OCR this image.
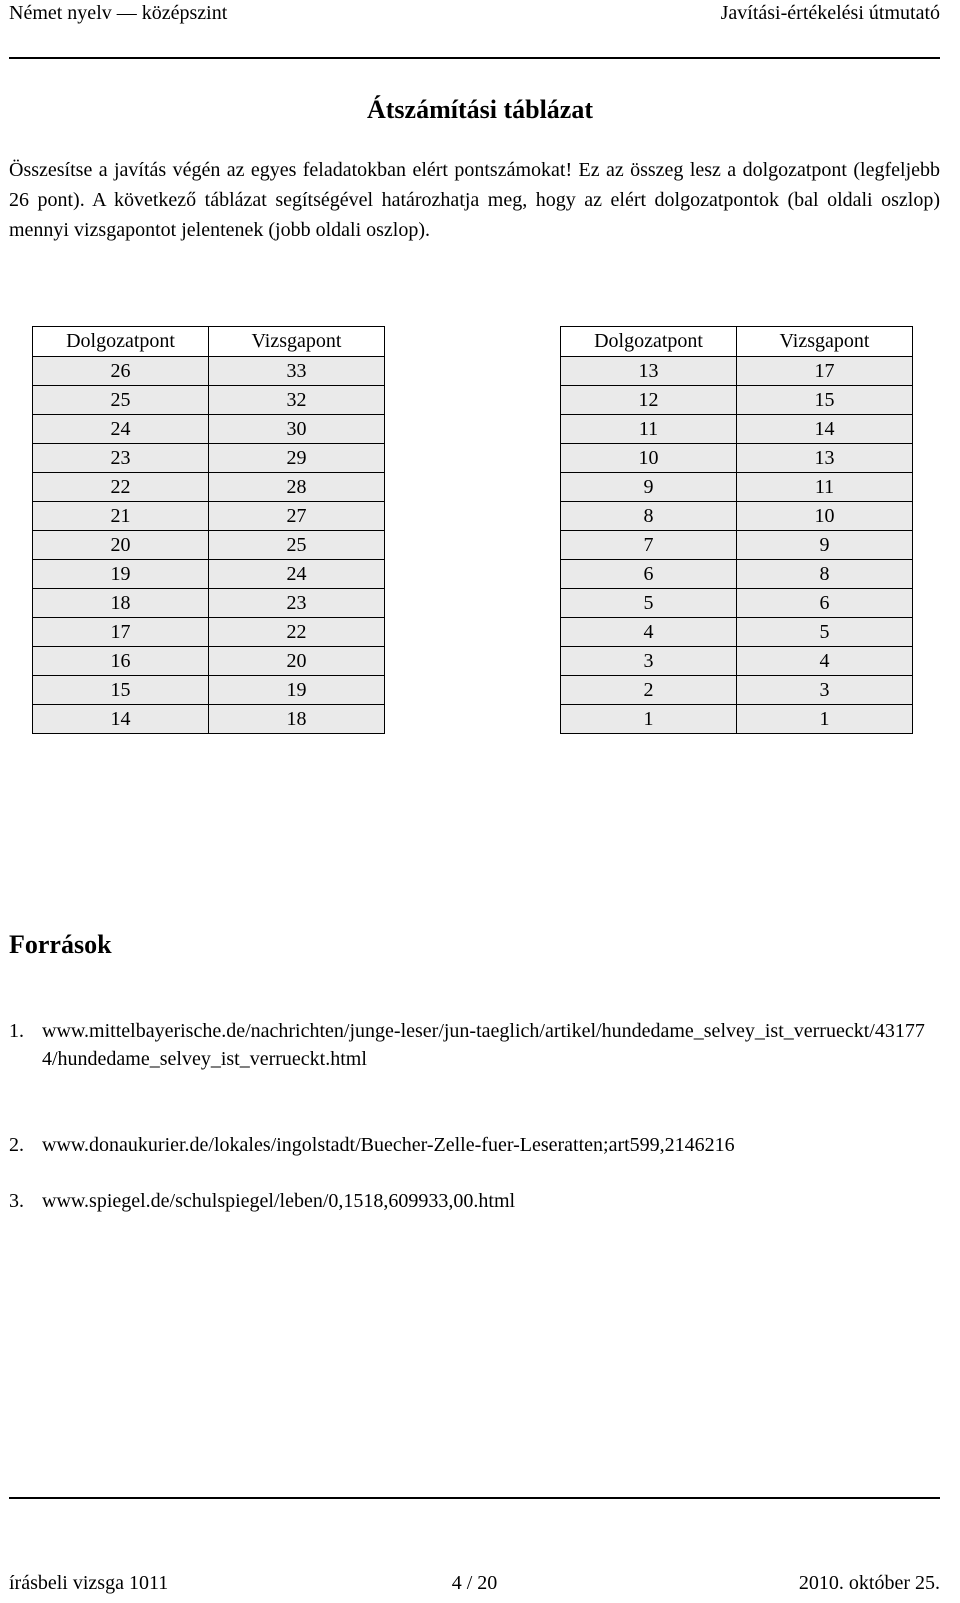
Német nyelv — középszint	Javítási-értékelési útmutató
Átszámítási táblázat

Összesítse a javítás végén az egyes feladatokban elért pontszámokat! Ez az összeg lesz a dolgozatpont (legfeljebb 26 pont). A következő táblázat segítségével határozhatja meg, hogy az elért dolgozatpontok (bal oldali oszlop) mennyi vizsgapontot jelentenek (jobb oldali oszlop).

Dolgozatpont	Vizsgapont
26	33
25	32
24	30
23	29
22	28
21	27
20	25
19	24
18	23
17	22
16	20
15	19
14	18
Dolgozatpont	Vizsgapont
13	17
12	15
11	14
10	13
9	11
8	10
7	9
6	8
5	6
4	5
3	4
2	3
1	1
Források
1. www.mittelbayerische.de/nachrichten/junge-leser/jun-taeglich/artikel/hundedame_selvey_ist_verrueckt/431774/hundedame_selvey_ist_verrueckt.html
2. www.donaukurier.de/lokales/ingolstadt/Buecher-Zelle-fuer-Leseratten;art599,2146216
3. www.spiegel.de/schulspiegel/leben/0,1518,609933,00.html
írásbeli vizsga 1011	4 / 20	2010. október 25.
